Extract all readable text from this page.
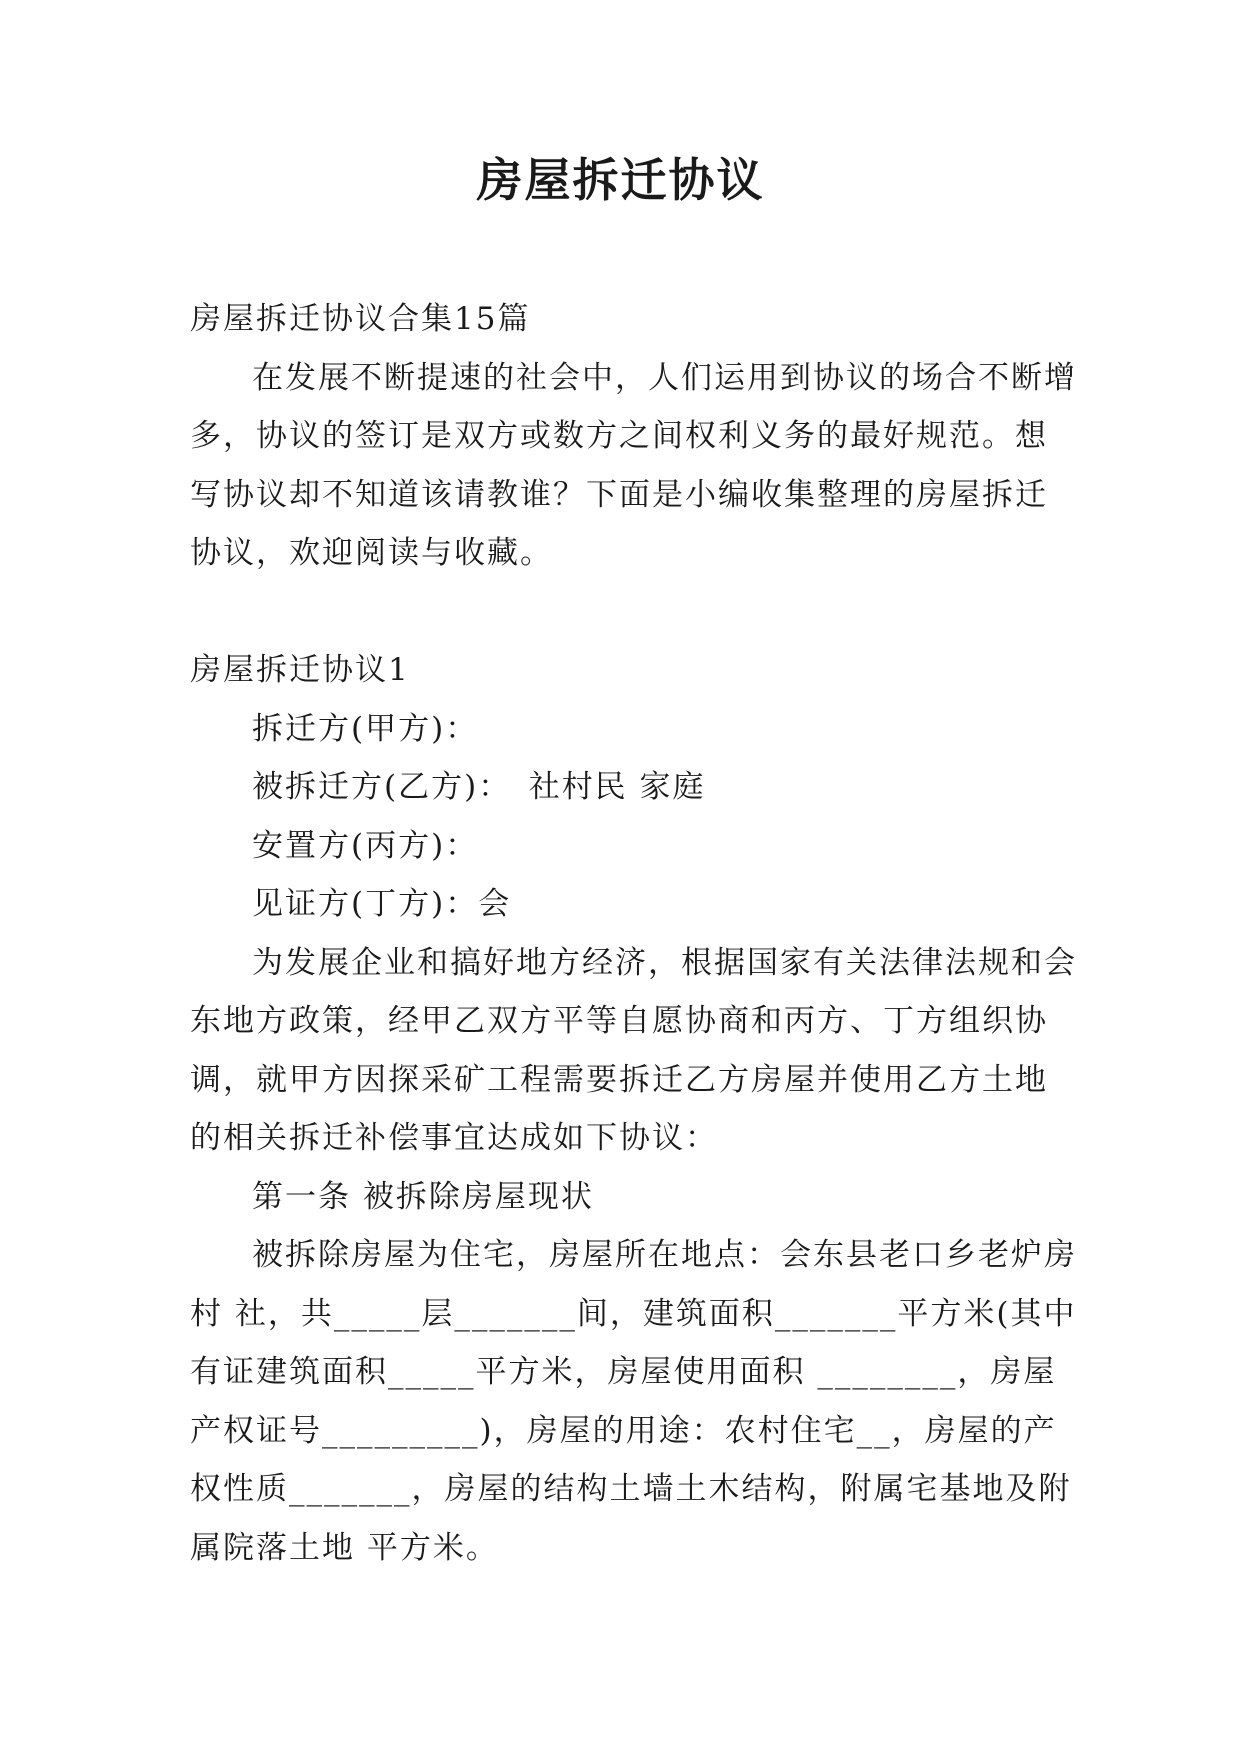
房屋拆迁协议

房屋拆迁协议合集15篇

在发展不断提速的社会中，人们运用到协议的场合不断增多，协议的签订是双方或数方之间权利义务的最好规范。想写协议却不知道该请教谁？下面是小编收集整理的房屋拆迁协议，欢迎阅读与收藏。

房屋拆迁协议1

拆迁方(甲方)：

被拆迁方(乙方)：　社村民 家庭

安置方(丙方)：

见证方(丁方)：会

为发展企业和搞好地方经济，根据国家有关法律法规和会东地方政策，经甲乙双方平等自愿协商和丙方、丁方组织协调，就甲方因探采矿工程需要拆迁乙方房屋并使用乙方土地的相关拆迁补偿事宜达成如下协议：

第一条 被拆除房屋现状

被拆除房屋为住宅，房屋所在地点：会东县老口乡老炉房村 社，共_____层_______间，建筑面积_______平方米(其中有证建筑面积_____平方米，房屋使用面积 ________，房屋产权证号_________)，房屋的用途：农村住宅__，房屋的产权性质_______，房屋的结构土墙土木结构，附属宅基地及附属院落土地 平方米。
